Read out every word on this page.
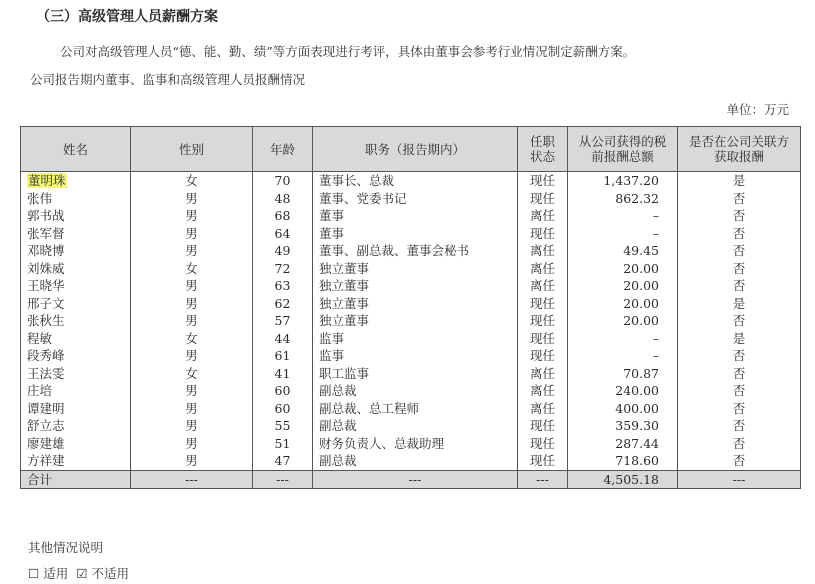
（三）高级管理人员薪酬方案
公司对高级管理人员“德、能、勤、绩”等方面表现进行考评，具体由董事会参考行业情况制定薪酬方案。
公司报告期内董事、监事和高级管理人员报酬情况
单位：万元
姓名	性别	年龄	职务（报告期内）	任职状态	从公司获得的税前报酬总额	是否在公司关联方获取报酬
董明珠	女	70	董事长、总裁	现任	1,437.20	是
张伟	男	48	董事、党委书记	现任	862.32	否
郭书战	男	68	董事	离任	–	否
张军督	男	64	董事	现任	–	否
邓晓博	男	49	董事、副总裁、董事会秘书	离任	49.45	否
刘姝威	女	72	独立董事	离任	20.00	否
王晓华	男	63	独立董事	离任	20.00	否
邢子文	男	62	独立董事	现任	20.00	是
张秋生	男	57	独立董事	现任	20.00	否
程敏	女	44	监事	现任	–	是
段秀峰	男	61	监事	现任	–	否
王法雯	女	41	职工监事	离任	70.87	否
庄培	男	60	副总裁	离任	240.00	否
谭建明	男	60	副总裁、总工程师	离任	400.00	否
舒立志	男	55	副总裁	现任	359.30	否
廖建雄	男	51	财务负责人、总裁助理	现任	287.44	否
方祥建	男	47	副总裁	现任	718.60	否
合计	---	---	---	---	4,505.18	---
其他情况说明
☐ 适用 ☑ 不适用
